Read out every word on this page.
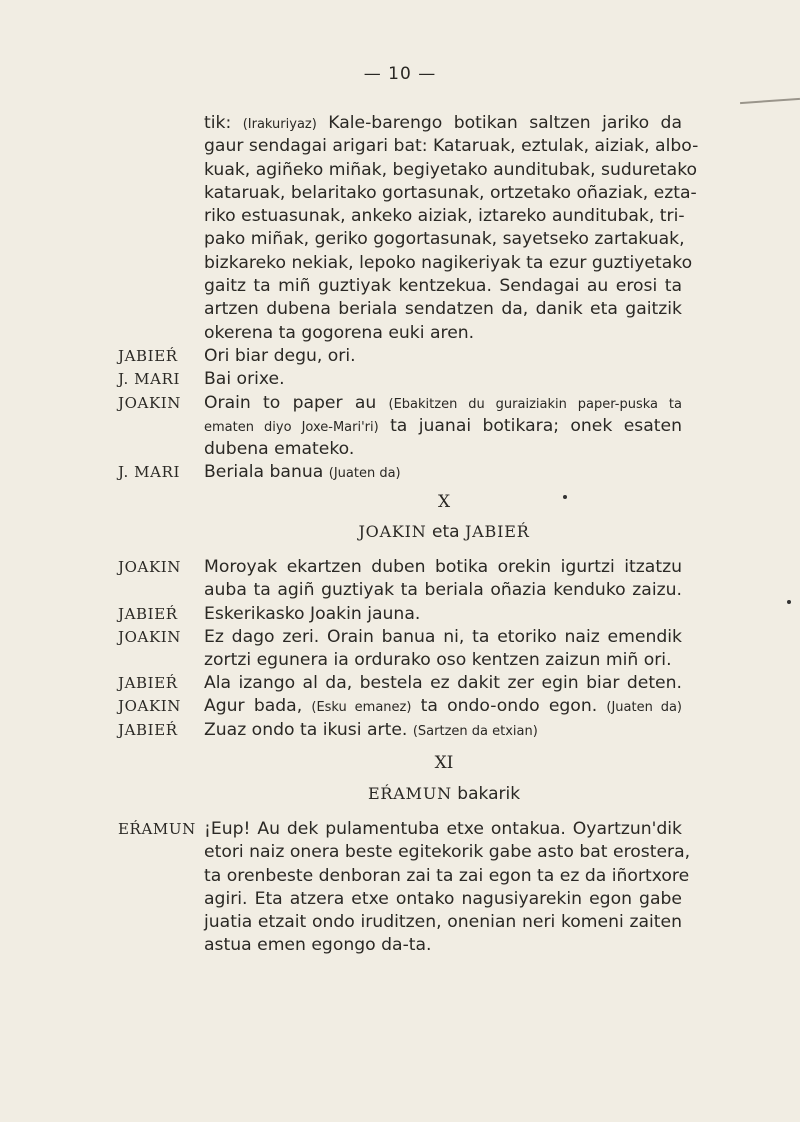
— 10 —
tik: (Irakuriyaz) Kale-barengo botikan saltzen jariko da
gaur sendagai arigari bat: Kataruak, eztulak, aiziak, albo-
kuak, agiñeko miñak, begiyetako aunditubak, suduretako
kataruak, belaritako gortasunak, ortzetako oñaziak, ezta-
riko estuasunak, ankeko aiziak, iztareko aunditubak, tri-
pako miñak, geriko gogortasunak, sayetseko zartakuak,
bizkareko nekiak, lepoko nagikeriyak ta ezur guztiyetako
gaitz ta miñ guztiyak kentzekua. Sendagai au erosi ta
artzen dubena beriala sendatzen da, danik eta gaitzik
okerena ta gogorena euki aren.
JABIEŔ Ori biar degu, ori.
J. MARI Bai orixe.
JOAKIN Orain to paper au (Ebakitzen du guraiziakin paper-puska ta
ematen diyo Joxe-Mari'ri) ta juanai botikara; onek esaten
dubena emateko.
J. MARI Beriala banua (Juaten da)
X
JOAKIN eta JABIEŔ
JOAKIN Moroyak ekartzen duben botika orekin igurtzi itzatzu
auba ta agiñ guztiyak ta beriala oñazia kenduko zaizu.
JABIEŔ Eskerikasko Joakin jauna.
JOAKIN Ez dago zeri. Orain banua ni, ta etoriko naiz emendik
zortzi egunera ia ordurako oso kentzen zaizun miñ ori.
JABIEŔ Ala izango al da, bestela ez dakit zer egin biar deten.
JOAKIN Agur bada, (Esku emanez) ta ondo-ondo egon. (Juaten da)
JABIEŔ Zuaz ondo ta ikusi arte. (Sartzen da etxian)
XI
EŔAMUN bakarik
EŔAMUN ¡Eup! Au dek pulamentuba etxe ontakua. Oyartzun'dik
etori naiz onera beste egitekorik gabe asto bat erostera,
ta orenbeste denboran zai ta zai egon ta ez da iñortxore
agiri. Eta atzera etxe ontako nagusiyarekin egon gabe
juatia etzait ondo iruditzen, onenian neri komeni zaiten
astua emen egongo da-ta.
